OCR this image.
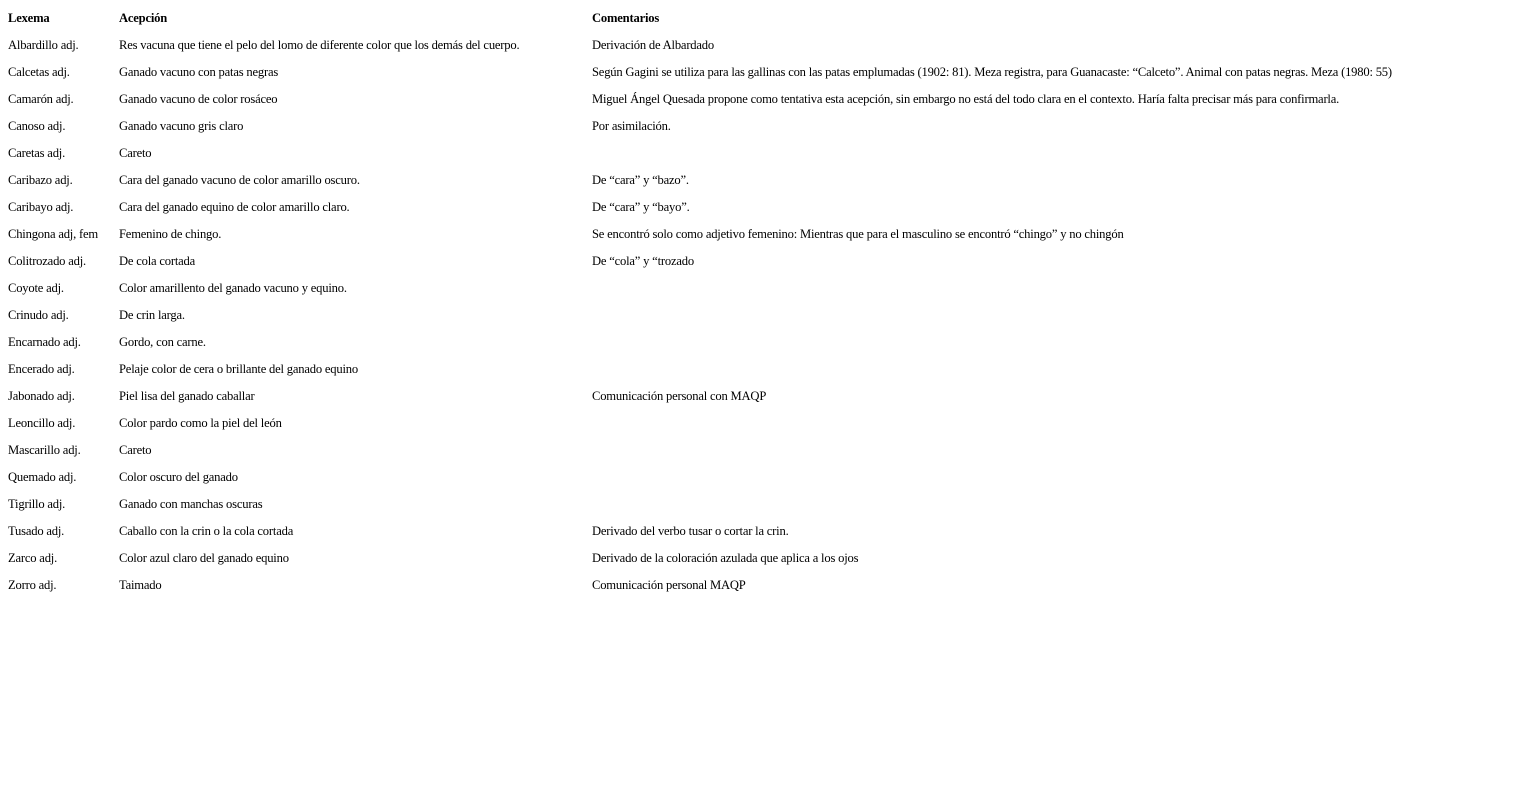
Lexema	Acepción	Comentarios
Albardillo adj.	Res vacuna que tiene el pelo del lomo de diferente color que los demás del cuerpo.	Derivación de Albardado
Calcetas adj.	Ganado vacuno con patas negras	Según Gagini se utiliza para las gallinas con las patas emplumadas (1902: 81). Meza registra, para Guanacaste: “Calceto”. Animal con patas negras. Meza (1980: 55)
Camarón adj.	Ganado vacuno de color rosáceo	Miguel Ángel Quesada propone como tentativa esta acepción, sin embargo no está del todo clara en el contexto. Haría falta precisar más para confirmarla.
Canoso adj.	Ganado vacuno gris claro	Por asimilación.
Caretas adj.	Careto	
Caribazo adj.	Cara del ganado vacuno de color amarillo oscuro.	De “cara” y “bazo”.
Caribayo adj.	Cara del ganado equino de color amarillo claro.	De “cara” y “bayo”.
Chingona adj, fem	Femenino de chingo.	Se encontró solo como adjetivo femenino: Mientras que para el masculino se encontró “chingo” y no chingón
Colitrozado adj.	De cola cortada	De “cola” y “trozado
Coyote adj.	Color amarillento del ganado vacuno y equino.	
Crinudo adj.	De crin larga.	
Encarnado adj.	Gordo, con carne.	
Encerado adj.	Pelaje color de cera o brillante del ganado equino	
Jabonado adj.	Piel lisa del ganado caballar	Comunicación personal con MAQP
Leoncillo adj.	Color pardo como la piel del león	
Mascarillo adj.	Careto	
Quemado adj.	Color oscuro del ganado	
Tigrillo adj.	Ganado con manchas oscuras	
Tusado adj.	Caballo con la crin o la cola cortada	Derivado del verbo tusar o cortar la crin.
Zarco adj.	Color azul claro del ganado equino	Derivado de la coloración azulada que aplica a los ojos
Zorro adj.	Taimado	Comunicación personal MAQP
